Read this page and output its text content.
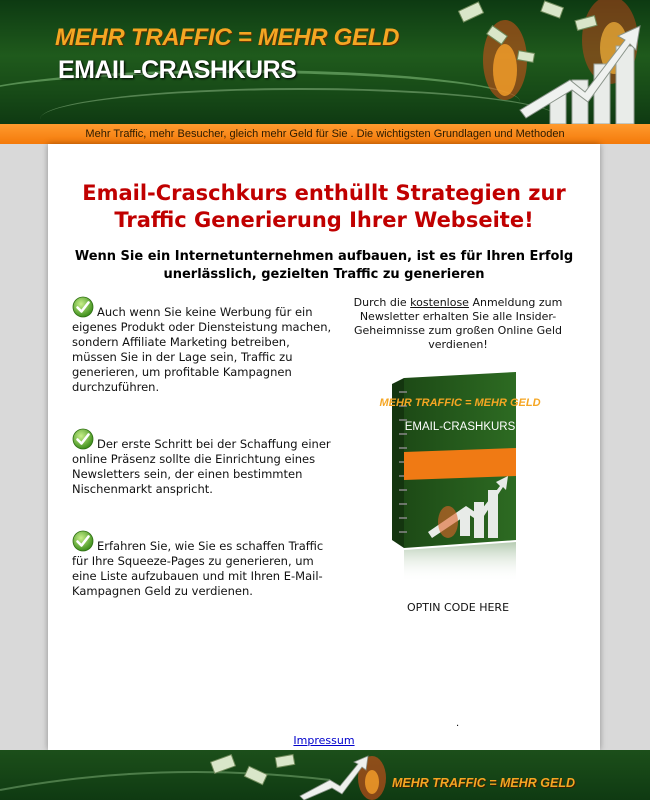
MEHR TRAFFIC = MEHR GELD
EMAIL-CRASHKURS
Mehr Traffic, mehr Besucher, gleich mehr Geld für Sie . Die wichtigsten Grundlagen und Methoden
Email-Craschkurs enthüllt Strategien zur Traffic Generierung Ihrer Webseite!
Wenn Sie ein Internetunternehmen aufbauen, ist es für Ihren Erfolg unerlässlich, gezielten Traffic zu generieren
Auch wenn Sie keine Werbung für ein eigenes Produkt oder Diensteistung machen, sondern Affiliate Marketing betreiben, müssen Sie in der Lage sein, Traffic zu generieren, um profitable Kampagnen durchzuführen.
Der erste Schritt bei der Schaffung einer online Präsenz sollte die Einrichtung eines Newsletters sein, der einen bestimmten Nischenmarkt anspricht.
Erfahren Sie, wie Sie es schaffen Traffic für Ihre Squeeze-Pages zu generieren, um eine Liste aufzubauen und mit Ihren E-Mail-Kampagnen Geld zu verdienen.
Durch die kostenlose Anmeldung zum Newsletter erhalten Sie alle Insider-Geheimnisse zum großen Online Geld verdienen!
MEHR TRAFFIC = MEHR GELD
EMAIL-CRASHKURS
OPTIN CODE HERE
.
Impressum
MEHR TRAFFIC = MEHR GELD
